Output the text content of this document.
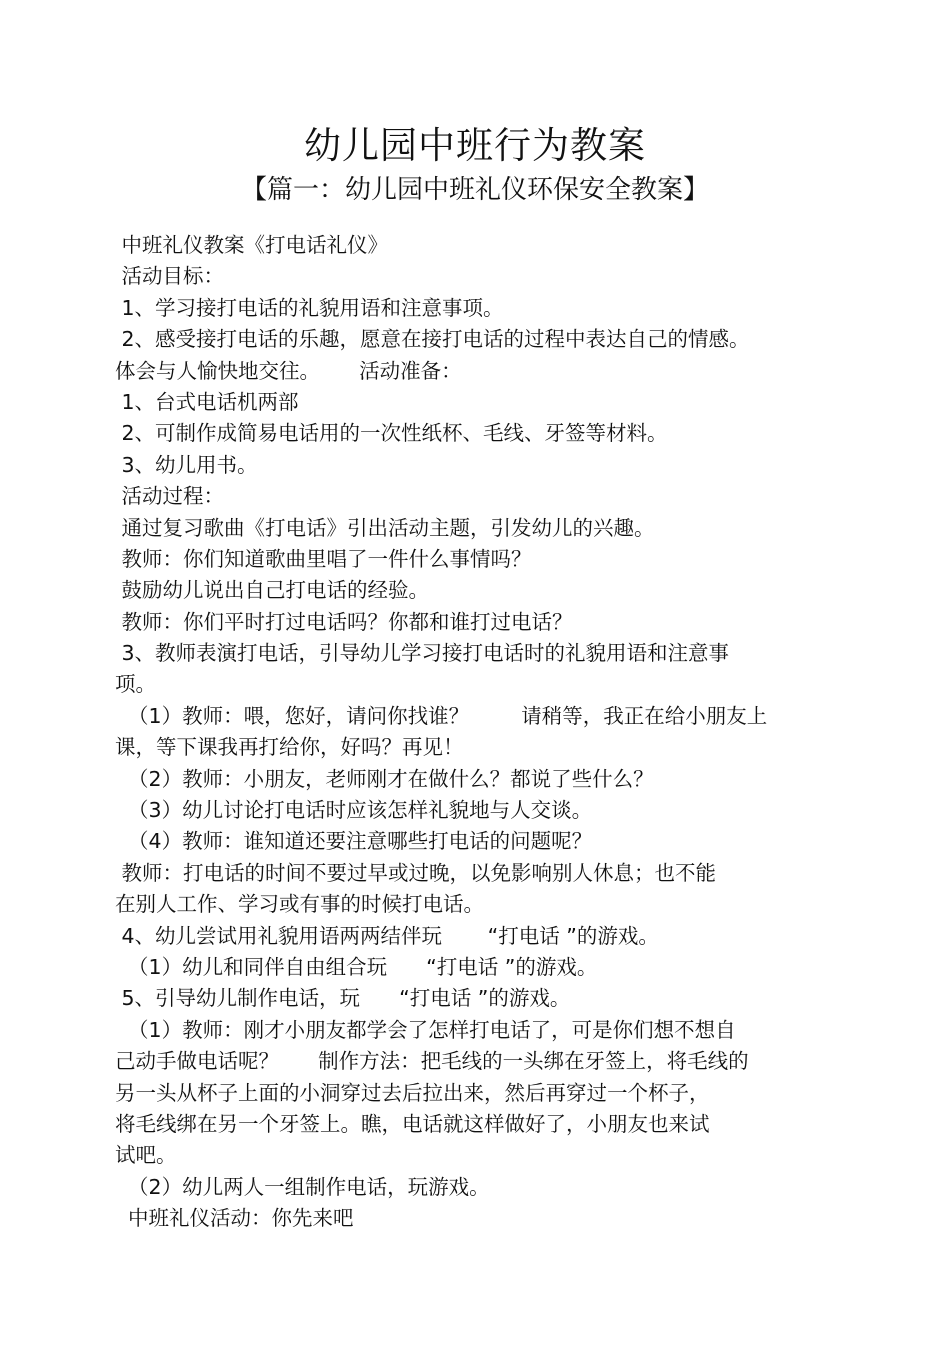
幼儿园中班行为教案
【篇一：幼儿园中班礼仪环保安全教案】
中班礼仪教案《打电话礼仪》
活动目标：
1、学习接打电话的礼貌用语和注意事项。
2、感受接打电话的乐趣，愿意在接打电话的过程中表达自己的情感。
体会与人愉快地交往。      活动准备：
1、台式电话机两部
2、可制作成简易电话用的一次性纸杯、毛线、牙签等材料。
3、幼儿用书。
活动过程：
通过复习歌曲《打电话》引出活动主题，引发幼儿的兴趣。
教师：你们知道歌曲里唱了一件什么事情吗？
鼓励幼儿说出自己打电话的经验。
教师：你们平时打过电话吗？你都和谁打过电话？
3、教师表演打电话，引导幼儿学习接打电话时的礼貌用语和注意事
项。
（1）教师：喂，您好，请问你找谁？        请稍等，我正在给小朋友上
课，等下课我再打给你，好吗？再见！
（2）教师：小朋友，老师刚才在做什么？都说了些什么？
（3）幼儿讨论打电话时应该怎样礼貌地与人交谈。
（4）教师：谁知道还要注意哪些打电话的问题呢？
教师：打电话的时间不要过早或过晚，以免影响别人休息；也不能
在别人工作、学习或有事的时候打电话。
4、幼儿尝试用礼貌用语两两结伴玩       “打电话 ”的游戏。
（1）幼儿和同伴自由组合玩      “打电话 ”的游戏。
5、引导幼儿制作电话，玩      “打电话 ”的游戏。
（1）教师：刚才小朋友都学会了怎样打电话了，可是你们想不想自
己动手做电话呢？      制作方法：把毛线的一头绑在牙签上，将毛线的
另一头从杯子上面的小洞穿过去后拉出来，然后再穿过一个杯子，
将毛线绑在另一个牙签上。瞧，电话就这样做好了，小朋友也来试
试吧。
（2）幼儿两人一组制作电话，玩游戏。
中班礼仪活动：你先来吧
